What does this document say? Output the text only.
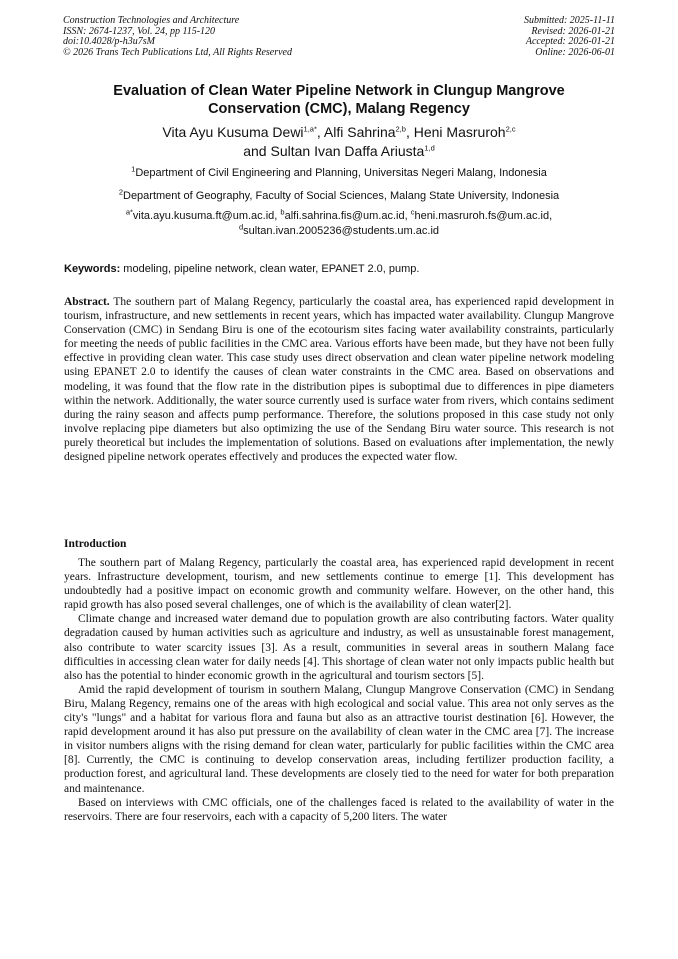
Construction Technologies and Architecture
ISSN: 2674-1237, Vol. 24, pp 115-120
doi:10.4028/p-h3u7sM
© 2026 Trans Tech Publications Ltd, All Rights Reserved
Submitted: 2025-11-11
Revised: 2026-01-21
Accepted: 2026-01-21
Online: 2026-06-01
Evaluation of Clean Water Pipeline Network in Clungup Mangrove
Conservation (CMC), Malang Regency
Vita Ayu Kusuma Dewi$^{1,a*}$, Alfi Sahrina$^{2,b}$, Heni Masruroh$^{2,c}$
and Sultan Ivan Daffa Ariusta$^{1,d}$
$^1$Department of Civil Engineering and Planning, Universitas Negeri Malang, Indonesia
$^2$Department of Geography, Faculty of Social Sciences, Malang State University, Indonesia
$^{a*}$vita.ayu.kusuma.ft@um.ac.id, $^b$alfi.sahrina.fis@um.ac.id, $^c$heni.masruroh.fs@um.ac.id,
$^d$sultan.ivan.2005236@students.um.ac.id
Keywords: modeling, pipeline network, clean water, EPANET 2.0, pump.

Abstract. The southern part of Malang Regency, particularly the coastal area, has experienced rapid development in tourism, infrastructure, and new settlements in recent years, which has impacted water availability. Clungup Mangrove Conservation (CMC) in Sendang Biru is one of the ecotourism sites facing water availability constraints, particularly for meeting the needs of public facilities in the CMC area. Various efforts have been made, but they have not been fully effective in providing clean water. This case study uses direct observation and clean water pipeline network modeling using EPANET 2.0 to identify the causes of clean water constraints in the CMC area. Based on observations and modeling, it was found that the flow rate in the distribution pipes is suboptimal due to differences in pipe diameters within the network. Additionally, the water source currently used is surface water from rivers, which contains sediment during the rainy season and affects pump performance. Therefore, the solutions proposed in this case study not only involve replacing pipe diameters but also optimizing the use of the Sendang Biru water source. This research is not purely theoretical but includes the implementation of solutions. Based on evaluations after implementation, the newly designed pipeline network operates effectively and produces the expected water flow.

Introduction

The southern part of Malang Regency, particularly the coastal area, has experienced rapid development in recent years. Infrastructure development, tourism, and new settlements continue to emerge [1]. This development has undoubtedly had a positive impact on economic growth and community welfare. However, on the other hand, this rapid growth has also posed several challenges, one of which is the availability of clean water[2].

Climate change and increased water demand due to population growth are also contributing factors. Water quality degradation caused by human activities such as agriculture and industry, as well as unsustainable forest management, also contribute to water scarcity issues [3]. As a result, communities in several areas in southern Malang face difficulties in accessing clean water for daily needs [4]. This shortage of clean water not only impacts public health but also has the potential to hinder economic growth in the agricultural and tourism sectors [5].

Amid the rapid development of tourism in southern Malang, Clungup Mangrove Conservation (CMC) in Sendang Biru, Malang Regency, remains one of the areas with high ecological and social value. This area not only serves as the city's "lungs" and a habitat for various flora and fauna but also as an attractive tourist destination [6]. However, the rapid development around it has also put pressure on the availability of clean water in the CMC area [7]. The increase in visitor numbers aligns with the rising demand for clean water, particularly for public facilities within the CMC area [8]. Currently, the CMC is continuing to develop conservation areas, including fertilizer production facility, a production forest, and agricultural land. These developments are closely tied to the need for water for both preparation and maintenance.

Based on interviews with CMC officials, one of the challenges faced is related to the availability of water in the reservoirs. There are four reservoirs, each with a capacity of 5,200 liters. The water
